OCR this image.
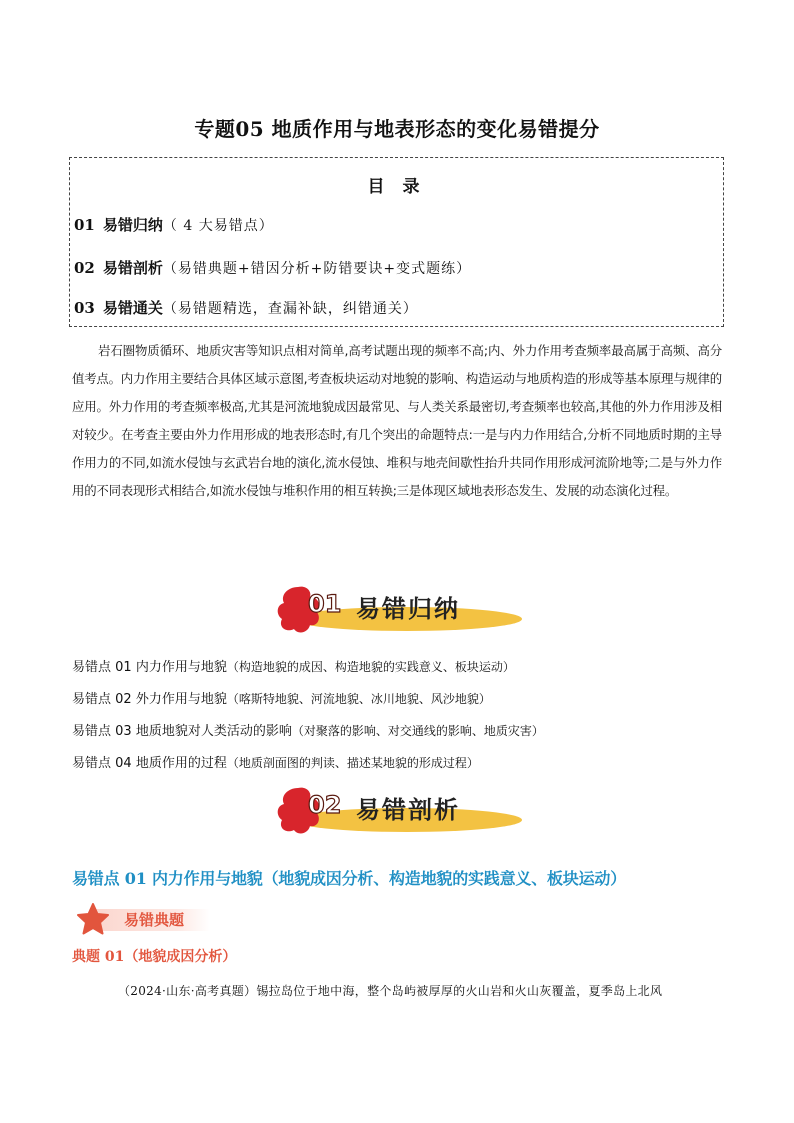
专题05 地质作用与地表形态的变化易错提分
目 录
01 易错归纳（ 4 大易错点）
02 易错剖析（易错典题+错因分析+防错要诀+变式题练）
03 易错通关（易错题精选，查漏补缺，纠错通关）
岩石圈物质循环、地质灾害等知识点相对简单,高考试题出现的频率不高;内、外力作用考查频率最高属于高频、高分值考点。内力作用主要结合具体区域示意图,考查板块运动对地貌的影响、构造运动与地质构造的形成等基本原理与规律的应用。外力作用的考查频率极高,尤其是河流地貌成因最常见、与人类关系最密切,考查频率也较高,其他的外力作用涉及相对较少。在考查主要由外力作用形成的地表形态时,有几个突出的命题特点:一是与内力作用结合,分析不同地质时期的主导作用力的不同,如流水侵蚀与玄武岩台地的演化,流水侵蚀、堆积与地壳间歇性抬升共同作用形成河流阶地等;二是与外力作用的不同表现形式相结合,如流水侵蚀与堆积作用的相互转换;三是体现区域地表形态发生、发展的动态演化过程。
01 易错归纳
易错点 01 内力作用与地貌（构造地貌的成因、构造地貌的实践意义、板块运动）
易错点 02 外力作用与地貌（喀斯特地貌、河流地貌、冰川地貌、风沙地貌）
易错点 03 地质地貌对人类活动的影响（对聚落的影响、对交通线的影响、地质灾害）
易错点 04 地质作用的过程（地质剖面图的判读、描述某地貌的形成过程）
02 易错剖析
易错点 01 内力作用与地貌（地貌成因分析、构造地貌的实践意义、板块运动）
易错典题
典题 01（地貌成因分析）
（2024·山东·高考真题）锡拉岛位于地中海，整个岛屿被厚厚的火山岩和火山灰覆盖，夏季岛上北风
